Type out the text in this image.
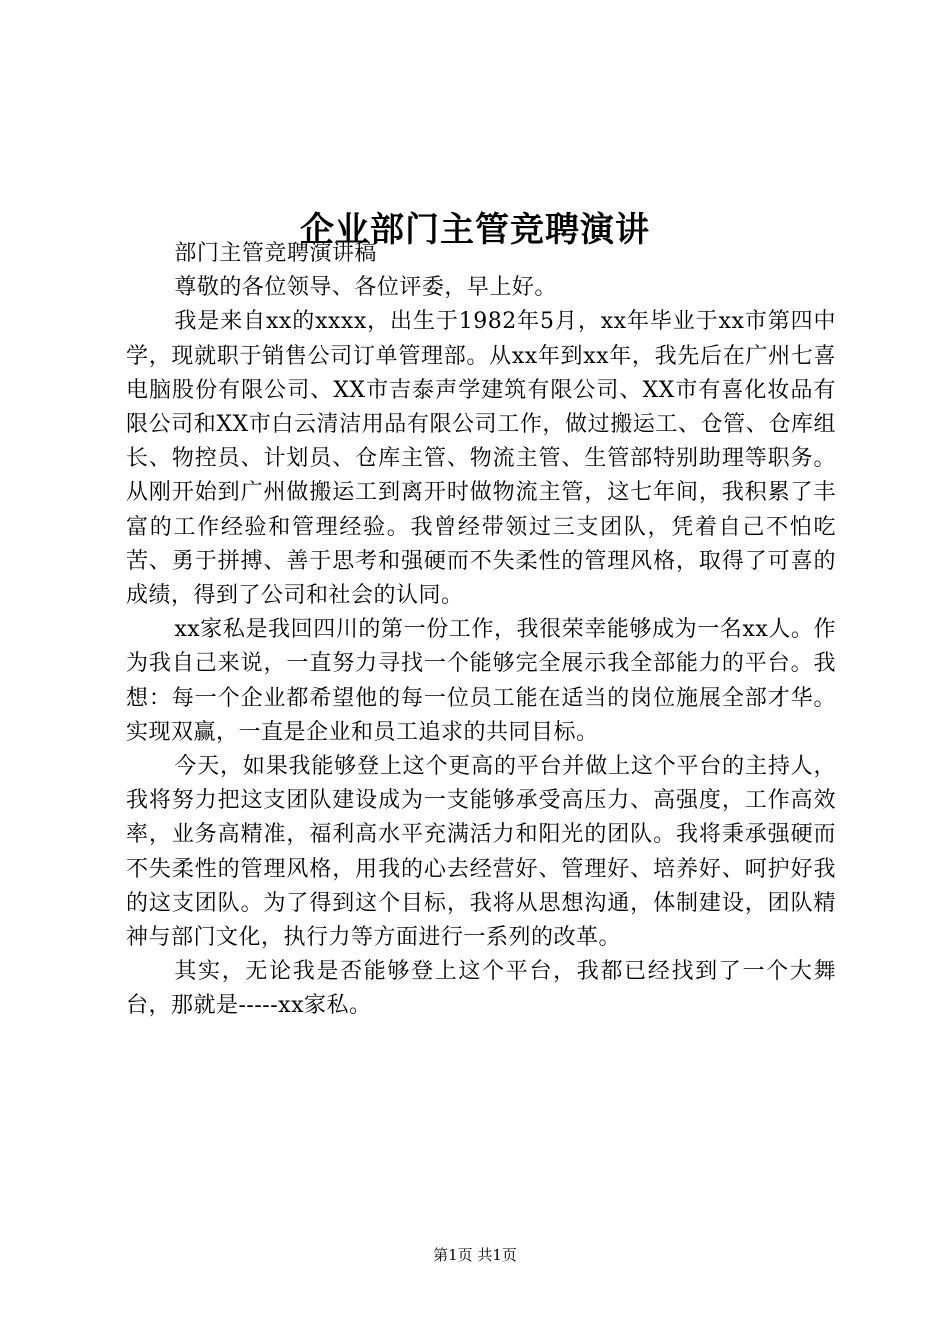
企业部门主管竞聘演讲

部门主管竞聘演讲稿

尊敬的各位领导、各位评委，早上好。

我是来自xx的xxxx，出生于1982年5月，xx年毕业于xx市第四中学，现就职于销售公司订单管理部。从xx年到xx年，我先后在广州七喜电脑股份有限公司、XX市吉泰声学建筑有限公司、XX市有喜化妆品有限公司和XX市白云清洁用品有限公司工作，做过搬运工、仓管、仓库组长、物控员、计划员、仓库主管、物流主管、生管部特别助理等职务。从刚开始到广州做搬运工到离开时做物流主管，这七年间，我积累了丰富的工作经验和管理经验。我曾经带领过三支团队，凭着自己不怕吃苦、勇于拼搏、善于思考和强硬而不失柔性的管理风格，取得了可喜的成绩，得到了公司和社会的认同。

xx家私是我回四川的第一份工作，我很荣幸能够成为一名xx人。作为我自己来说，一直努力寻找一个能够完全展示我全部能力的平台。我想：每一个企业都希望他的每一位员工能在适当的岗位施展全部才华。实现双赢，一直是企业和员工追求的共同目标。

今天，如果我能够登上这个更高的平台并做上这个平台的主持人，我将努力把这支团队建设成为一支能够承受高压力、高强度，工作高效率，业务高精准，福利高水平充满活力和阳光的团队。我将秉承强硬而不失柔性的管理风格，用我的心去经营好、管理好、培养好、呵护好我的这支团队。为了得到这个目标，我将从思想沟通，体制建设，团队精神与部门文化，执行力等方面进行一系列的改革。

其实，无论我是否能够登上这个平台，我都已经找到了一个大舞台，那就是-----xx家私。

第1页 共1页
